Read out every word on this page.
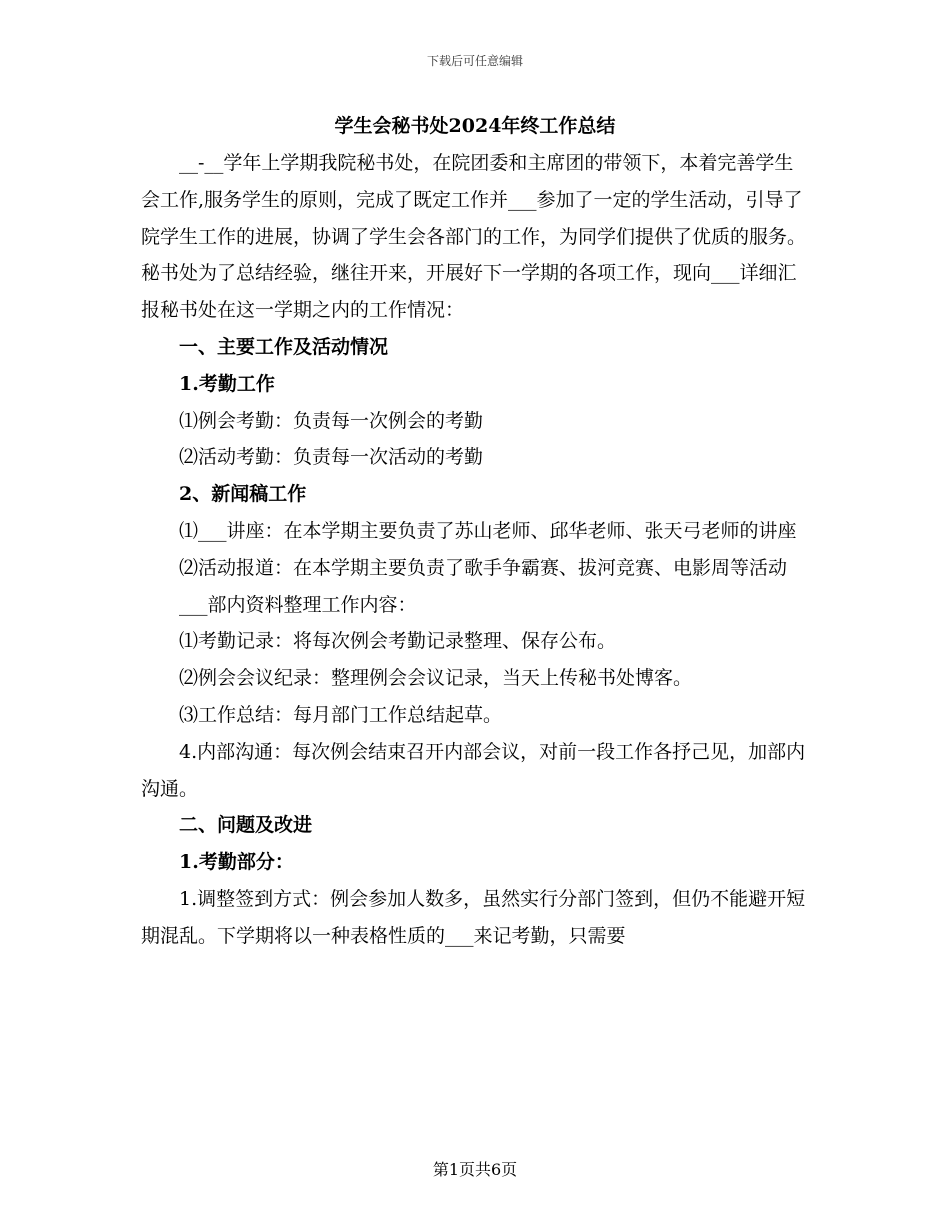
下载后可任意编辑
学生会秘书处2024年终工作总结

__-__学年上学期我院秘书处，在院团委和主席团的带领下，本着完善学生会工作,服务学生的原则，完成了既定工作并___参加了一定的学生活动，引导了院学生工作的进展，协调了学生会各部门的工作，为同学们提供了优质的服务。秘书处为了总结经验，继往开来，开展好下一学期的各项工作，现向___详细汇报秘书处在这一学期之内的工作情况：

一、主要工作及活动情况

1.考勤工作

⑴例会考勤：负责每一次例会的考勤

⑵活动考勤：负责每一次活动的考勤

2、新闻稿工作

⑴___讲座：在本学期主要负责了苏山老师、邱华老师、张天弓老师的讲座

⑵活动报道：在本学期主要负责了歌手争霸赛、拔河竞赛、电影周等活动

___部内资料整理工作内容：

⑴考勤记录：将每次例会考勤记录整理、保存公布。

⑵例会会议纪录：整理例会会议记录，当天上传秘书处博客。

⑶工作总结：每月部门工作总结起草。

4.内部沟通：每次例会结束召开内部会议，对前一段工作各抒己见，加部内沟通。

二、问题及改进

1.考勤部分：

1.调整签到方式：例会参加人数多，虽然实行分部门签到，但仍不能避开短期混乱。下学期将以一种表格性质的___来记考勤，只需要

第1页共6页
